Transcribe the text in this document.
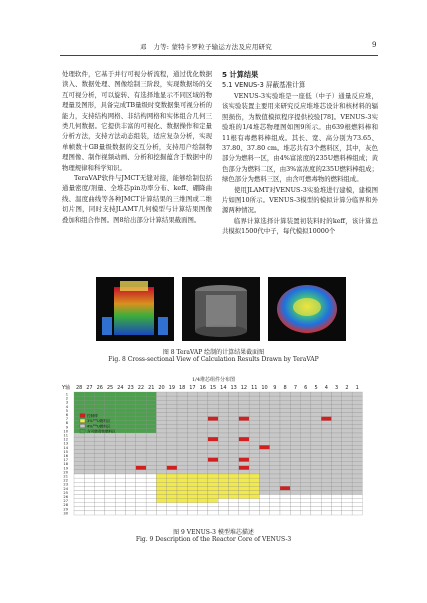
邓　力等: 蒙特卡罗粒子输运方法及应用研究	9

处理软件，它基于并行可视分析流程，通过优化数据读入、数据处理、图像绘制三阶段，实现数据场的交互可视分析，可以旋转、有选择地显示不同区域的物理量及图形，具备完成TB量级时变数据集可视分析的能力，支持结构网格、非结构网格和实体组合几何三类几何数据。它提供丰富的可视化、数据操作和定量分析方法，支持方法动态组装，适应复杂分析，实现单帧数十GB量级数据的交互分析，支持用户绘制物理图像、制作视频动画、分析和挖掘蕴含于数据中的物理规律和科学知识。

TeraVAP软件与JMCT无缝对接，能够绘制包括通量密度/剂量、全堆芯pin功率分布、keff、硼降曲线、温度曲线等各种JMCT计算结果的三维图或二维切片图，同时支持JLAMT几何模型与计算结果图像叠加和组合作图。图8给出部分计算结果截面图。

5 计算结果
5.1 VENUS-3 屏蔽基准计算

VENUS-3实验堆是一座低（中子）通量反应堆，该实验装置主要用来研究反应堆堆芯设计和核材料的辐照损伤，为数值模拟程序提供校验[78]。VENUS-3实验堆的1/4堆芯物理图如图9所示。由639根燃料棒和11根有毒燃料棒组成。其长、宽、高分别为73.65、37.80、37.80 cm。堆芯共有3个燃料区，其中，灰色部分为燃料一区，由4%富浓度的235U燃料棒组成；黄色部分为燃料二区，由3%富浓度的235U燃料棒组成；绿色部分为燃料三区，由含可燃毒物的燃料组成。

使用JLAMT对VENUS-3实验堆进行建模，建模图片如图10所示。VENUS-3模型的模拟计算分临界和外源两种情况。

临界计算选择计算装置初装料时的keff，该计算总共模拟1500代中子，每代模拟10000个

图 8 TeraVAP 绘制的计算结果截面图
Fig. 8 Cross-sectional View of Calculation Results Drawn by TeraVAP
1/4堆芯组件分布图
Y轴 28 27 26 25 24 23 22 21 20 19 18 17 16 15 14 13 12 11 10 9 8 7 6 5 4 3 2 1
1
2
3
4
5
6
7
8
9
10
11
12
13
14
15
16
17
18
19
20
21
22
23
24
25
26
27
28
29
30
控制棒
3%²³⁵U燃料区
4%²³⁵U燃料区
含可燃毒物燃料区
图 9 VENUS-3 模型堆芯描述
Fig. 9 Description of the Reactor Core of VENUS-3
